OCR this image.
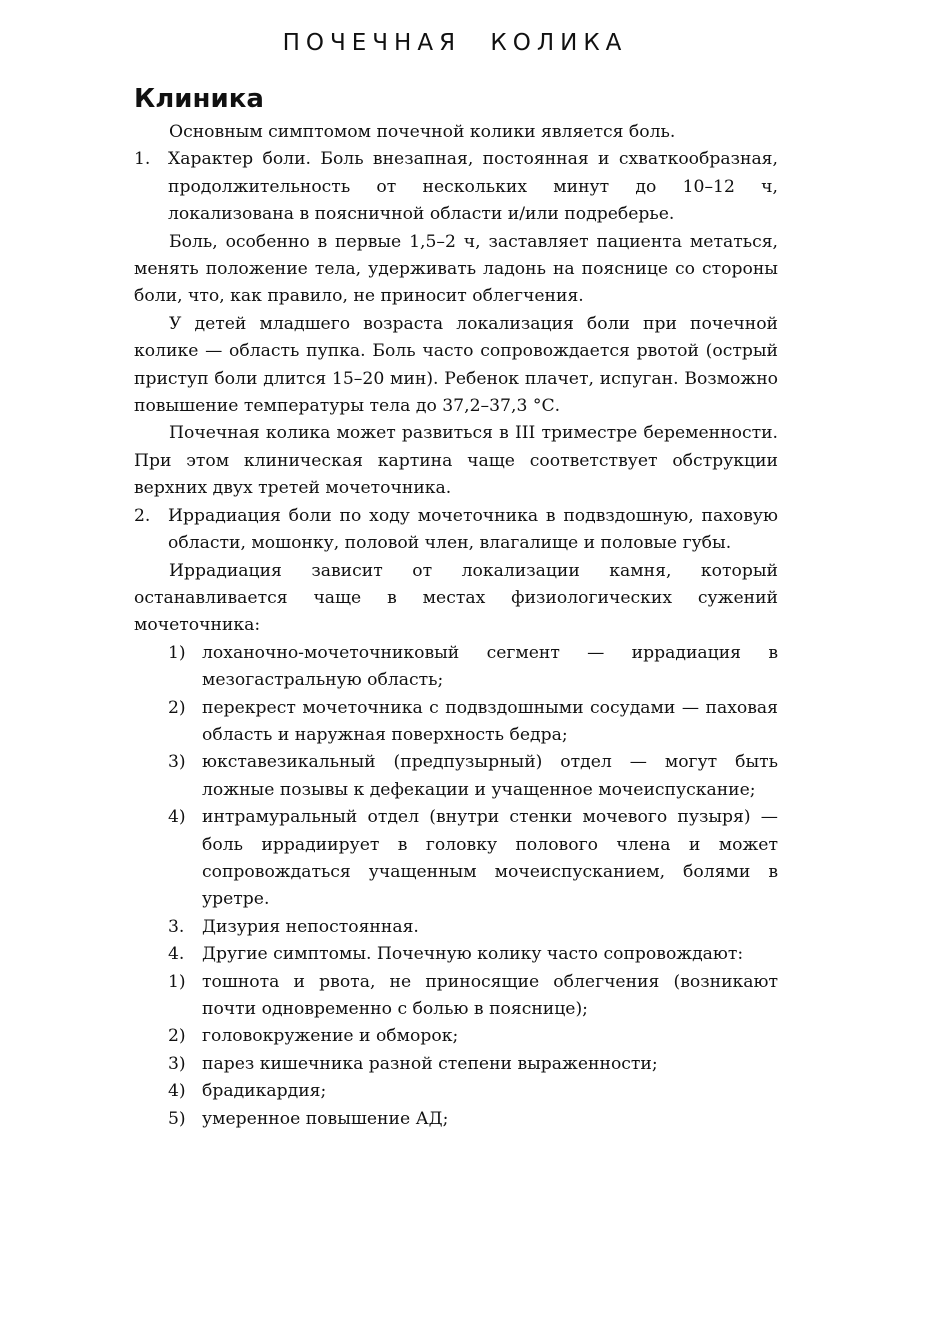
ПОЧЕЧНАЯ КОЛИКА
Клиника

Основным симптомом почечной колики является боль.

1. Характер боли. Боль внезапная, постоянная и схваткообразная, продолжительность от нескольких минут до 10–12 ч, локализована в поясничной области и/или подреберье.

Боль, особенно в первые 1,5–2 ч, заставляет пациента метаться, менять положение тела, удерживать ладонь на пояснице со стороны боли, что, как правило, не приносит облегчения.

У детей младшего возраста локализация боли при почечной колике — область пупка. Боль часто сопровождается рвотой (острый приступ боли длится 15–20 мин). Ребенок плачет, испуган. Возможно повышение температуры тела до 37,2–37,3 °С.

Почечная колика может развиться в III триместре беременности. При этом клиническая картина чаще соответствует обструкции верхних двух третей мочеточника.

2. Иррадиация боли по ходу мочеточника в подвздошную, паховую области, мошонку, половой член, влагалище и половые губы.

Иррадиация зависит от локализации камня, который останавливается чаще в местах физиологических сужений мочеточника:

1) лоханочно-мочеточниковый сегмент — иррадиация в мезогастральную область;
2) перекрест мочеточника с подвздошными сосудами — паховая область и наружная поверхность бедра;
3) юкставезикальный (предпузырный) отдел — могут быть ложные позывы к дефекации и учащенное мочеиспускание;
4) интрамуральный отдел (внутри стенки мочевого пузыря) — боль иррадиирует в головку полового члена и может сопровождаться учащенным мочеиспусканием, болями в уретре.
3. Дизурия непостоянная.
4. Другие симптомы. Почечную колику часто сопровождают:
1) тошнота и рвота, не приносящие облегчения (возникают почти одновременно с болью в пояснице);
2) головокружение и обморок;
3) парез кишечника разной степени выраженности;
4) брадикардия;
5) умеренное повышение АД;
